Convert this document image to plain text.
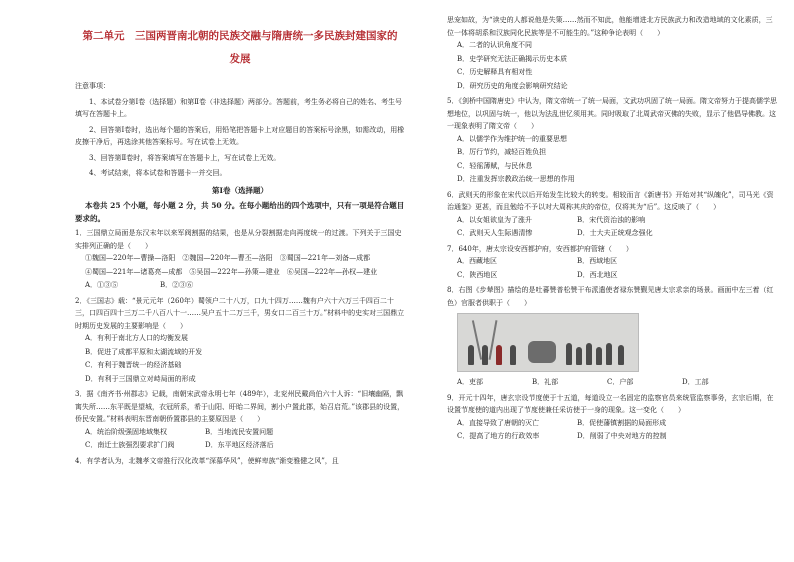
第二单元　三国两晋南北朝的民族交融与隋唐统一多民族封建国家的
发展

注意事项：

1、本试卷分第Ⅰ卷（选择题）和第Ⅱ卷（非选择题）两部分。答题前，考生务必将自己的姓名、考生号填写在答题卡上。

2、回答第Ⅰ卷时，选出每个题的答案后，用铅笔把答题卡上对应题目的答案标号涂黑，如需改动，用橡皮擦干净后，再选涂其他答案标号。写在试卷上无效。

3、回答第Ⅱ卷时，将答案填写在答题卡上，写在试卷上无效。

4、考试结束，将本试卷和答题卡一并交回。

第Ⅰ卷（选择题）
本卷共 25 个小题，每小题 2 分，共 50 分。在每小题给出的四个选项中，只有一项是符合题目要求的。

1．三国鼎立局面是东汉末年以来军阀割据的结果，也是从分裂割据走向再度统一的过渡。下列关于三国史实排列正确的是（　　）

①魏国—220年—曹操—洛阳　②魏国—220年—曹丕—洛阳　③蜀国—221年—刘备—成都

④蜀国—221年—诸葛亮—成都　⑤吴国—222年—孙策—建业　⑥吴国—222年—孙权—建业

A．①③⑤	B．②③⑥

2．《三国志》载：“景元元年（260年）蜀领户二十八万，口九十四万……魏有户六十六万三千四百二十三，口四百四十三万二千八百八十一……吴户五十二万三千，男女口二百三十万。”材料中的史实对三国鼎立时期历史发展的主要影响是（　　）

A．有利于南北方人口的均衡发展

B．促进了成都平原和太湖流域的开发

C．有利于魏晋统一的经济基础

D．有利于三国鼎立对峙局面的形成

3．据《南齐书·州郡志》记载，南朝宋武帝永明七年（489年），北兖州民戴尚伯六十人诉：“旧壤幽隔，飘寓失所……东平既是望城，衣冠所系，希于山阳、盱眙二界间，割小户置此郡，始召启荒。”该郡县的设置，侨民安置。”材料表明东晋南朝侨置郡县的主要原因是（　　）

A．统治阶级强固地域集权	B．当地流民安置问题
C．南迁士族强烈要求扩门阀	D．东平地区经济落后

4．有学者认为，北魏孝文帝推行汉化改革“深慕华风”，使鲜卑族“渐变雅健之风”，且

思宠如故，为“读史的人都说他是失策……然而不知此，他能增进北方民族武力和改造地域的文化素质，三位一体将胡系和汉族同化民族等是不可能生的。”这种争论表明（　　）

A．二者的认识角度不同

B．史学研究无法正确揭示历史本质

C．历史解释具有相对性

D．研究历史的角度会影响研究结论

5．《剑桥中国隋唐史》中认为，隋文帝统一了统一局面，文武功巩固了统一局面。隋文帝努力于提高儒学思想地位，以巩固与统一，他以为法乱世忆须用其。同时吸取了北周武帝灭佛的失败，显示了他倡导佛教。这一现象表明了隋文帝（　　）

A．以儒学作为维护统一的重要思想

B．厉行节约，减轻百姓负担

C．轻徭薄赋，与民休息

D．注重发挥宗教政治统一思想的作用

6．武则天的形象在宋代以后开始发生比较大的转变。相较而言《新唐书》开始对其“纵魄化”，司马光《资治通鉴》更甚，而且勉给不予以对大周称其庆的帝位，仅将其为“后”。这反映了（　　）

A．以女姐欲皇为了涨升	B．宋代资治浊的影响
C．武则天人生际遇清惨	D．士大夫正统观念强化

7．640年，唐太宗设安西都护府，安西都护府管辖（　　）

A．西藏地区	B．西域地区
C．陕西地区	D．西北地区

8．右图《步辇图》描绘的是吐蕃赞普松赞干布派遣使者禄东赞觐见唐太宗求亲的场景。画面中左三着（红色）官服者供职于（　　）

A．吏部	B．礼部	C．户部	D．工部

9．开元十四年，唐玄宗设节度使于十五道，每道设立一名固定的监察官员来统管监察事务，玄宗后期，在设置节度使的道内出现了节度使兼任采访使于一身的现象。这一变化（　　）

A．直接导致了唐朝的灭亡	B．促使藩镇割据的局面形成
C．提高了地方的行政效率	D．削弱了中央对地方的控制
